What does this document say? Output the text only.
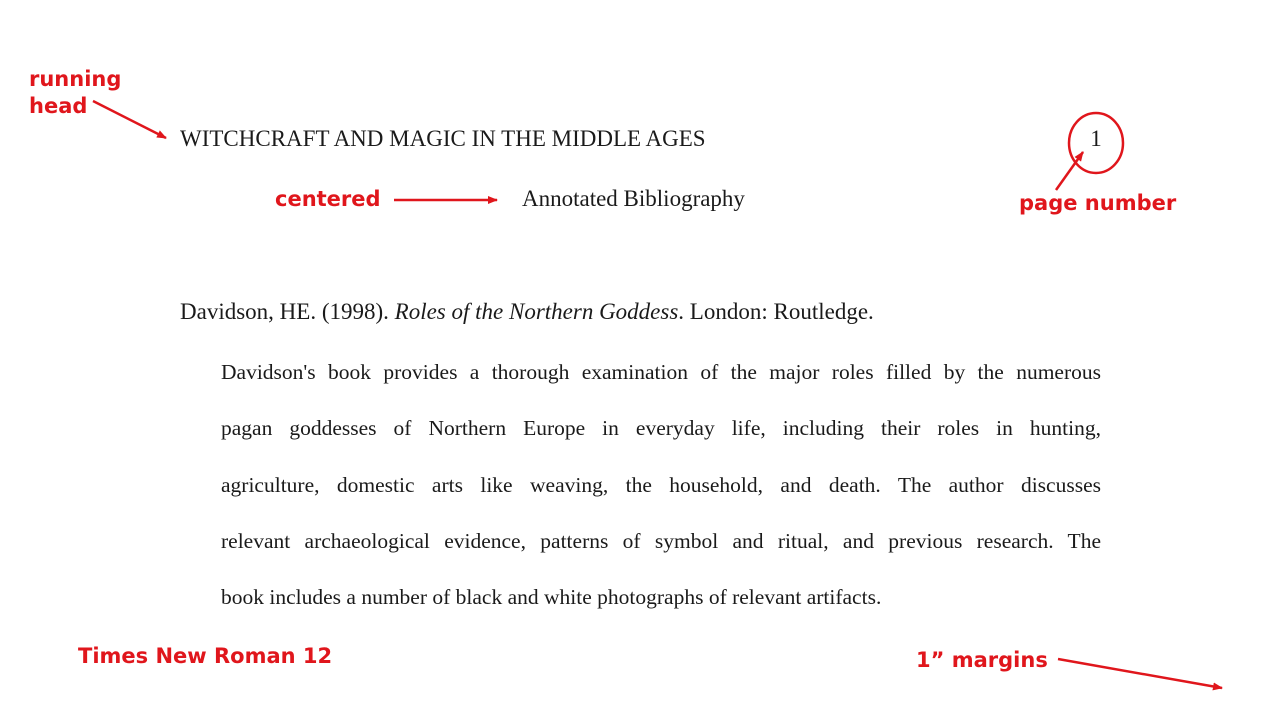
WITCHCRAFT AND MAGIC IN THE MIDDLE AGES	1
Annotated Bibliography
Davidson, HE. (1998). Roles of the Northern Goddess. London: Routledge.
Davidson's book provides a thorough examination of the major roles filled by the numerous
pagan goddesses of Northern Europe in everyday life, including their roles in hunting,
agriculture, domestic arts like weaving, the household, and death. The author discusses
relevant archaeological evidence, patterns of symbol and ritual, and previous research. The
book includes a number of black and white photographs of relevant artifacts.
running
head
centered	page number
Times New Roman 12	1” margins
